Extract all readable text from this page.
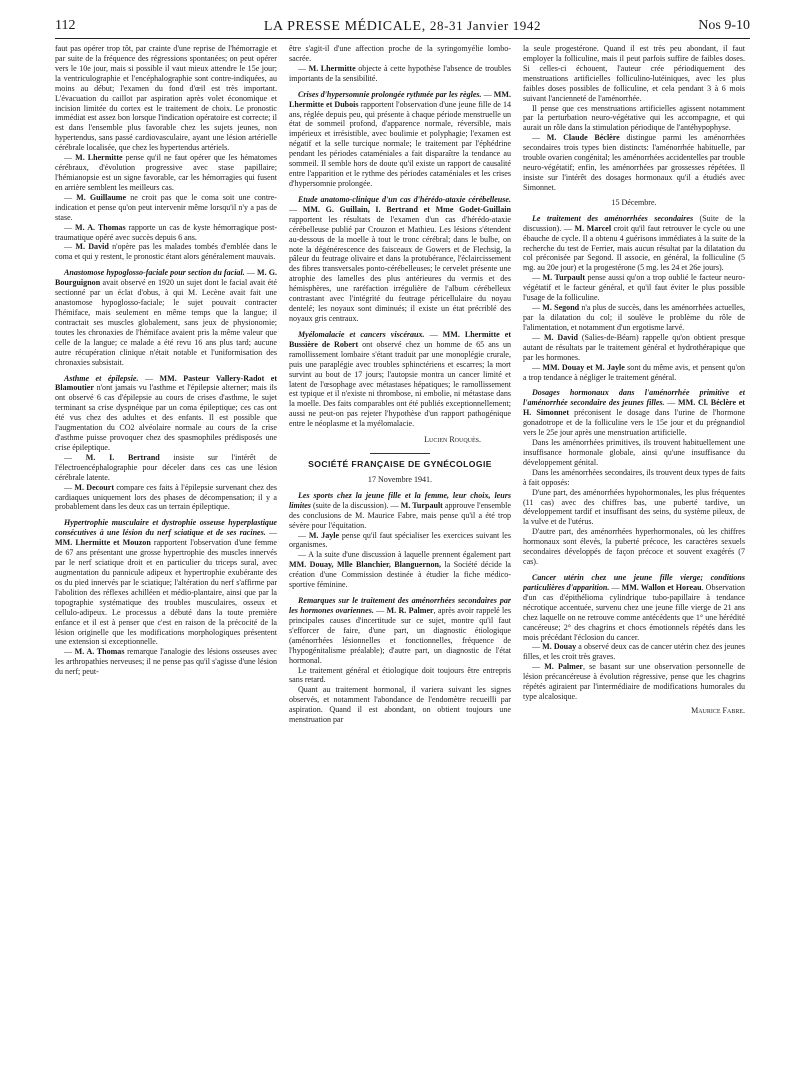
112	LA PRESSE MÉDICALE, 28-31 Janvier 1942	Nos 9-10

faut pas opérer trop tôt, par crainte d'une reprise de l'hémorragie et par suite de la fréquence des régressions spontanées; on peut opérer vers le 10e jour, mais si possible il vaut mieux attendre le 15e jour; la ventriculographie et l'encéphalographie sont contre-indiquées, au moins au début; l'examen du fond d'œil est très important. L'évacuation du caillot par aspiration après volet économique et incision limitée du cortex est le traitement de choix. Le pronostic immédiat est assez bon lorsque l'indication opératoire est correcte; il est dans l'ensemble plus favorable chez les sujets jeunes, non hypertendus, sans passé cardiovasculaire, ayant une lésion artérielle cérébrale localisée, que chez les hypertendus artériels.

— M. Lhermitte pense qu'il ne faut opérer que les hématomes cérébraux, d'évolution progressive avec stase papillaire; l'hémianopsie est un signe favorable, car les hémorragies qui fusent en arrière semblent les meilleurs cas.

— M. Guillaume ne croit pas que le coma soit une contre-indication et pense qu'on peut intervenir même lorsqu'il n'y a pas de stase.

— M. A. Thomas rapporte un cas de kyste hémorragique post-traumatique opéré avec succès depuis 6 ans.

— M. David n'opère pas les malades tombés d'emblée dans le coma et qui y restent, le pronostic étant alors généralement mauvais.

Anastomose hypoglosso-faciale pour section du facial. — M. G. Bourguignon avait observé en 1920 un sujet dont le facial avait été sectionné par un éclat d'obus, à qui M. Lecène avait fait une anastomose hypoglosso-faciale; le sujet pouvait contracter l'hémiface, mais seulement en même temps que la langue; il contractait ses muscles globalement, sans jeux de physionomie; toutes les chronaxies de l'hémiface avaient pris la même valeur que celle de la langue; ce malade a été revu 16 ans plus tard; aucune autre récupération clinique n'était notable et l'uniformisation des chronaxies subsistait.

Asthme et épilepsie. — MM. Pasteur Vallery-Radot et Blamoutier n'ont jamais vu l'asthme et l'épilepsie alterner; mais ils ont observé 6 cas d'épilepsie au cours de crises d'asthme, le sujet terminant sa crise dyspnéique par un coma épileptique; ces cas ont été vus chez des adultes et des enfants. Il est possible que l'augmentation du CO2 alvéolaire normale au cours de la crise d'asthme puisse provoquer chez des spasmophiles prédisposés une crise épileptique.

— M. I. Bertrand insiste sur l'intérêt de l'électroencéphalographie pour déceler dans ces cas une lésion cérébrale latente.

— M. Decourt compare ces faits à l'épilepsie survenant chez des cardiaques uniquement lors des phases de décompensation; il y a probablement dans les deux cas un terrain épileptique.

Hypertrophie musculaire et dystrophie osseuse hyperplastique consécutives à une lésion du nerf sciatique et de ses racines. — MM. Lhermitte et Mouzon rapportent l'observation d'une femme de 67 ans présentant une grosse hypertrophie des muscles innervés par le nerf sciatique droit et en particulier du triceps sural, avec augmentation du pannicule adipeux et hypertrophie exubérante des os du pied innervés par le sciatique; l'altération du nerf s'affirme par l'abolition des réflexes achilléen et médio-plantaire, ainsi que par la topographie systématique des troubles musculaires, osseux et cellulo-adipeux. Le processus a débuté dans la toute première enfance et il est à penser que c'est en raison de la précocité de la lésion originelle que les modifications morphologiques présentent une extension si exceptionnelle.

— M. A. Thomas remarque l'analogie des lésions osseuses avec les arthropathies nerveuses; il ne pense pas qu'il s'agisse d'une lésion du nerf; peut-

être s'agit-il d'une affection proche de la syringomyélie lombo-sacrée.

— M. Lhermitte objecte à cette hypothèse l'absence de troubles importants de la sensibilité.

Crises d'hypersomnie prolongée rythmée par les règles. — MM. Lhermitte et Dubois rapportent l'observation d'une jeune fille de 14 ans, réglée depuis peu, qui présente à chaque période menstruelle un état de sommeil profond, d'apparence normale, réversible, mais impérieux et irrésistible, avec boulimie et polyphagie; l'examen est négatif et la selle turcique normale; le traitement par l'éphédrine pendant les périodes cataméniales a fait disparaître la tendance au sommeil. Il semble hors de doute qu'il existe un rapport de causalité entre l'apparition et le rythme des périodes cataméniales et les crises d'hypersomnie prolongée.

Etude anatomo-clinique d'un cas d'hérédo-ataxie cérébelleuse. — MM. G. Guillain, I. Bertrand et Mme Godet-Guillain rapportent les résultats de l'examen d'un cas d'hérédo-ataxie cérébelleuse publié par Crouzon et Mathieu. Les lésions s'étendent au-dessous de la moelle à tout le tronc cérébral; dans le bulbe, on note la dégénérescence des faisceaux de Gowers et de Flechsig, la pâleur du feutrage olivaire et dans la protubérance, l'éclaircissement des fibres transversales ponto-cérébelleuses; le cervelet présente une atrophie des lamelles des plus antérieures du vermis et des hémisphères, une raréfaction irrégulière de l'album cérébelleux contrastant avec l'intégrité du feutrage péricellulaire du noyau dentelé; les noyaux sont diminués; il existe un état précriblé des noyaux gris centraux.

Myélomalacie et cancers viscéraux. — MM. Lhermitte et Bussière de Robert ont observé chez un homme de 65 ans un ramollissement lombaire s'étant traduit par une monoplégie crurale, puis une paraplégie avec troubles sphinctériens et escarres; la mort survint au bout de 17 jours; l'autopsie montra un cancer limité et latent de l'œsophage avec métastases hépatiques; le ramollissement est typique et il n'existe ni thrombose, ni embolie, ni métastase dans la moelle. Des faits comparables ont été publiés exceptionnellement; aussi ne peut-on pas rejeter l'hypothèse d'un rapport pathogénique entre le néoplasme et la myélomalacie.

Lucien Rouquès.
SOCIÉTÉ FRANÇAISE DE GYNÉCOLOGIE
17 Novembre 1941.

Les sports chez la jeune fille et la femme, leur choix, leurs limites (suite de la discussion). — M. Turpault approuve l'ensemble des conclusions de M. Maurice Fabre, mais pense qu'il a été trop sévère pour l'équitation.

— M. Jayle pense qu'il faut spécialiser les exercices suivant les organismes.

— A la suite d'une discussion à laquelle prennent également part MM. Douay, Mlle Blanchier, Blanguernon, la Société décide la création d'une Commission destinée à étudier la fiche médico-sportive féminine.

Remarques sur le traitement des aménorrhées secondaires par les hormones ovariennes. — M. R. Palmer, après avoir rappelé les principales causes d'incertitude sur ce sujet, montre qu'il faut s'efforcer de faire, d'une part, un diagnostic étiologique (aménorrhées lésionnelles et fonctionnelles, fréquence de l'hypogénitalisme préalable); d'autre part, un diagnostic de l'état hormonal.

Le traitement général et étiologique doit toujours être entrepris sans retard.

Quant au traitement hormonal, il variera suivant les signes observés, et notamment l'abondance de l'endomètre recueilli par aspiration. Quand il est abondant, on obtient toujours une menstruation par

la seule progestérone. Quand il est très peu abondant, il faut employer la folliculine, mais il peut parfois suffire de faibles doses. Si celles-ci échouent, l'auteur crée périodiquement des menstruations artificielles folliculino-lutéiniques, avec les plus faibles doses possibles de folliculine, et cela pendant 3 à 6 mois suivant l'ancienneté de l'aménorrhée.

Il pense que ces menstruations artificielles agissent notamment par la perturbation neuro-végétative qui les accompagne, et qui aurait un rôle dans la stimulation périodique de l'antéhypophyse.

— M. Claude Béclère distingue parmi les aménorrhées secondaires trois types bien distincts: l'aménorrhée habituelle, par trouble ovarien congénital; les aménorrhées accidentelles par trouble neuro-végétatif; enfin, les aménorrhées par grossesses répétées. Il insiste sur l'intérêt des dosages hormonaux qu'il a étudiés avec Simonnet.

15 Décembre.

Le traitement des aménorrhées secondaires (Suite de la discussion). — M. Marcel croit qu'il faut retrouver le cycle ou une ébauche de cycle. Il a obtenu 4 guérisons immédiates à la suite de la recherche du test de Ferrier, mais aucun résultat par la dilatation du col préconisée par Segond. Il associe, en général, la folliculine (5 mg. au 20e jour) et la progestérone (5 mg. les 24 et 26e jours).

— M. Turpault pense aussi qu'on a trop oublié le facteur neuro-végétatif et le facteur général, et qu'il faut éviter le plus possible l'usage de la folliculine.

— M. Segond n'a plus de succès, dans les aménorrhées actuelles, par la dilatation du col; il soulève le problème du rôle de l'alimentation, et notamment d'un ergotisme larvé.

— M. David (Salies-de-Béarn) rappelle qu'on obtient presque autant de résultats par le traitement général et hydrothérapique que par les hormones.

— MM. Douay et M. Jayle sont du même avis, et pensent qu'on a trop tendance à négliger le traitement général.

Dosages hormonaux dans l'aménorrhée primitive et l'aménorrhée secondaire des jeunes filles. — MM. Cl. Béclère et H. Simonnet préconisent le dosage dans l'urine de l'hormone gonadotrope et de la folliculine vers le 15e jour et du prégnandiol vers le 25e jour après une menstruation artificielle.

Dans les aménorrhées primitives, ils trouvent habituellement une insuffisance hormonale globale, ainsi qu'une insuffisance du développement génital.

Dans les aménorrhées secondaires, ils trouvent deux types de faits à fait opposés:

D'une part, des aménorrhées hypohormonales, les plus fréquentes (11 cas) avec des chiffres bas, une puberté tardive, un développement tardif et insuffisant des seins, du système pileux, de la vulve et de l'utérus.

D'autre part, des aménorrhées hyperhormonales, où les chiffres hormonaux sont élevés, la puberté précoce, les caractères sexuels secondaires développés de façon précoce et souvent exagérés (7 cas).

Cancer utérin chez une jeune fille vierge; conditions particulières d'apparition. — MM. Wallon et Horeau. Observation d'un cas d'épithélioma cylindrique tubo-papillaire à tendance nécrotique accentuée, survenu chez une jeune fille vierge de 21 ans chez laquelle on ne retrouve comme antécédents que 1° une hérédité cancéreuse; 2° des chagrins et chocs émotionnels répétés dans les mois précédant l'éclosion du cancer.

— M. Douay a observé deux cas de cancer utérin chez des jeunes filles, et les croit très graves.

— M. Palmer, se basant sur une observation personnelle de lésion précancéreuse à évolution régressive, pense que les chagrins répétés agiraient par l'intermédiaire de modifications humorales du type alcalosique.

Maurice Fabre.
